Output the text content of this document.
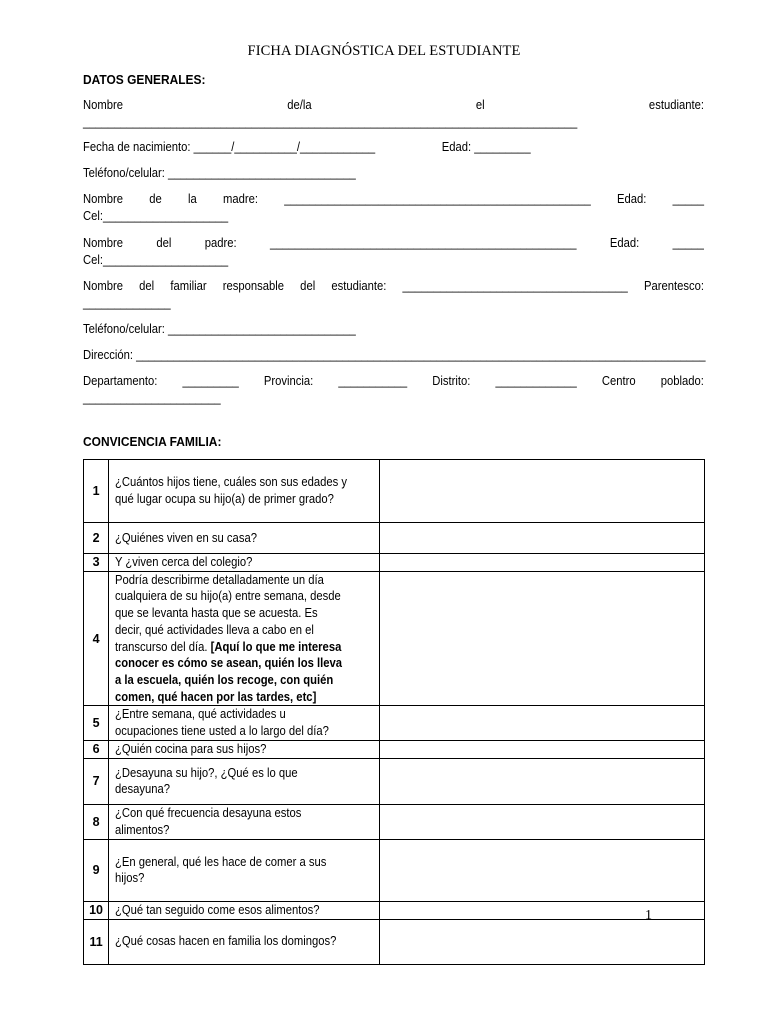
FICHA DIAGNÓSTICA DEL ESTUDIANTE
DATOS GENERALES:
Nombre	de/la	el	estudiante:
_______________________________________________________________________________
Fecha de nacimiento: ______/__________/____________	Edad: _________
Teléfono/celular: ______________________________
Nombre de la madre: _________________________________________________ Edad: _____
Cel:____________________
Nombre	del	padre:	_________________________________________________	Edad:	_____
Cel:____________________
Nombre del familiar responsable del estudiante: ____________________________________ Parentesco:
______________
Teléfono/celular: ______________________________
Dirección: ___________________________________________________________________________________________
Departamento: _________ Provincia: ___________ Distrito: _____________ Centro poblado:
______________________
CONVICENCIA FAMILIA:
1	¿Cuántos hijos tiene, cuáles son sus edades y qué lugar ocupa su hijo(a) de primer grado?	

2	¿Quiénes viven en su casa?	

3	Y ¿viven cerca del colegio?	

4	Podría describirme detalladamente un día cualquiera de su hijo(a) entre semana, desde que se levanta hasta que se acuesta. Es decir, qué actividades lleva a cabo en el transcurso del día. [Aquí lo que me interesa conocer es cómo se asean, quién los lleva a la escuela, quién los recoge, con quién comen, qué hacen por las tardes, etc]	

5	¿Entre semana, qué actividades u ocupaciones tiene usted a lo largo del día?	

6	¿Quién cocina para sus hijos?	

7	¿Desayuna su hijo?, ¿Qué es lo que desayuna?	

8	¿Con qué frecuencia desayuna estos alimentos?	

9	¿En general, qué les hace de comer a sus hijos?	

10	¿Qué tan seguido come esos alimentos?	

11	¿Qué cosas hacen en familia los domingos?	

1
